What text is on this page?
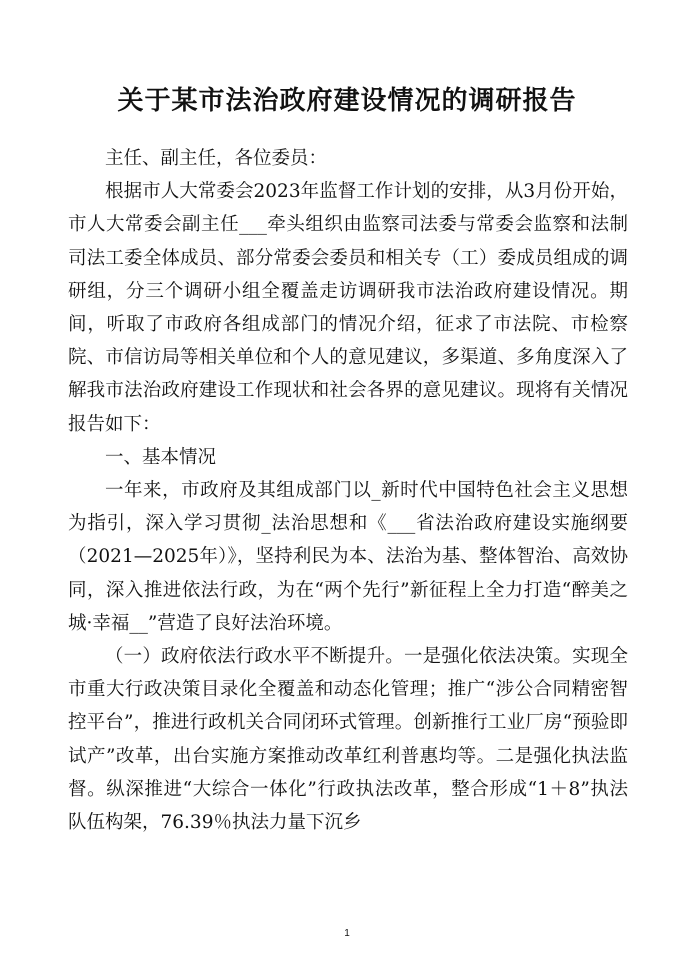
关于某市法治政府建设情况的调研报告

主任、副主任，各位委员：

根据市人大常委会2023年监督工作计划的安排，从3月份开始，市人大常委会副主任___牵头组织由监察司法委与常委会监察和法制司法工委全体成员、部分常委会委员和相关专（工）委成员组成的调研组，分三个调研小组全覆盖走访调研我市法治政府建设情况。期间，听取了市政府各组成部门的情况介绍，征求了市法院、市检察院、市信访局等相关单位和个人的意见建议，多渠道、多角度深入了解我市法治政府建设工作现状和社会各界的意见建议。现将有关情况报告如下：

一、基本情况

一年来，市政府及其组成部门以_新时代中国特色社会主义思想为指引，深入学习贯彻_法治思想和《___省法治政府建设实施纲要（2021—2025年）》，坚持利民为本、法治为基、整体智治、高效协同，深入推进依法行政，为在“两个先行”新征程上全力打造“醉美之城·幸福__”营造了良好法治环境。

（一）政府依法行政水平不断提升。一是强化依法决策。实现全市重大行政决策目录化全覆盖和动态化管理；推广“涉公合同精密智控平台”，推进行政机关合同闭环式管理。创新推行工业厂房“预验即试产”改革，出台实施方案推动改革红利普惠均等。二是强化执法监督。纵深推进“大综合一体化”行政执法改革，整合形成“1＋8”执法队伍构架，76.39％执法力量下沉乡

1
